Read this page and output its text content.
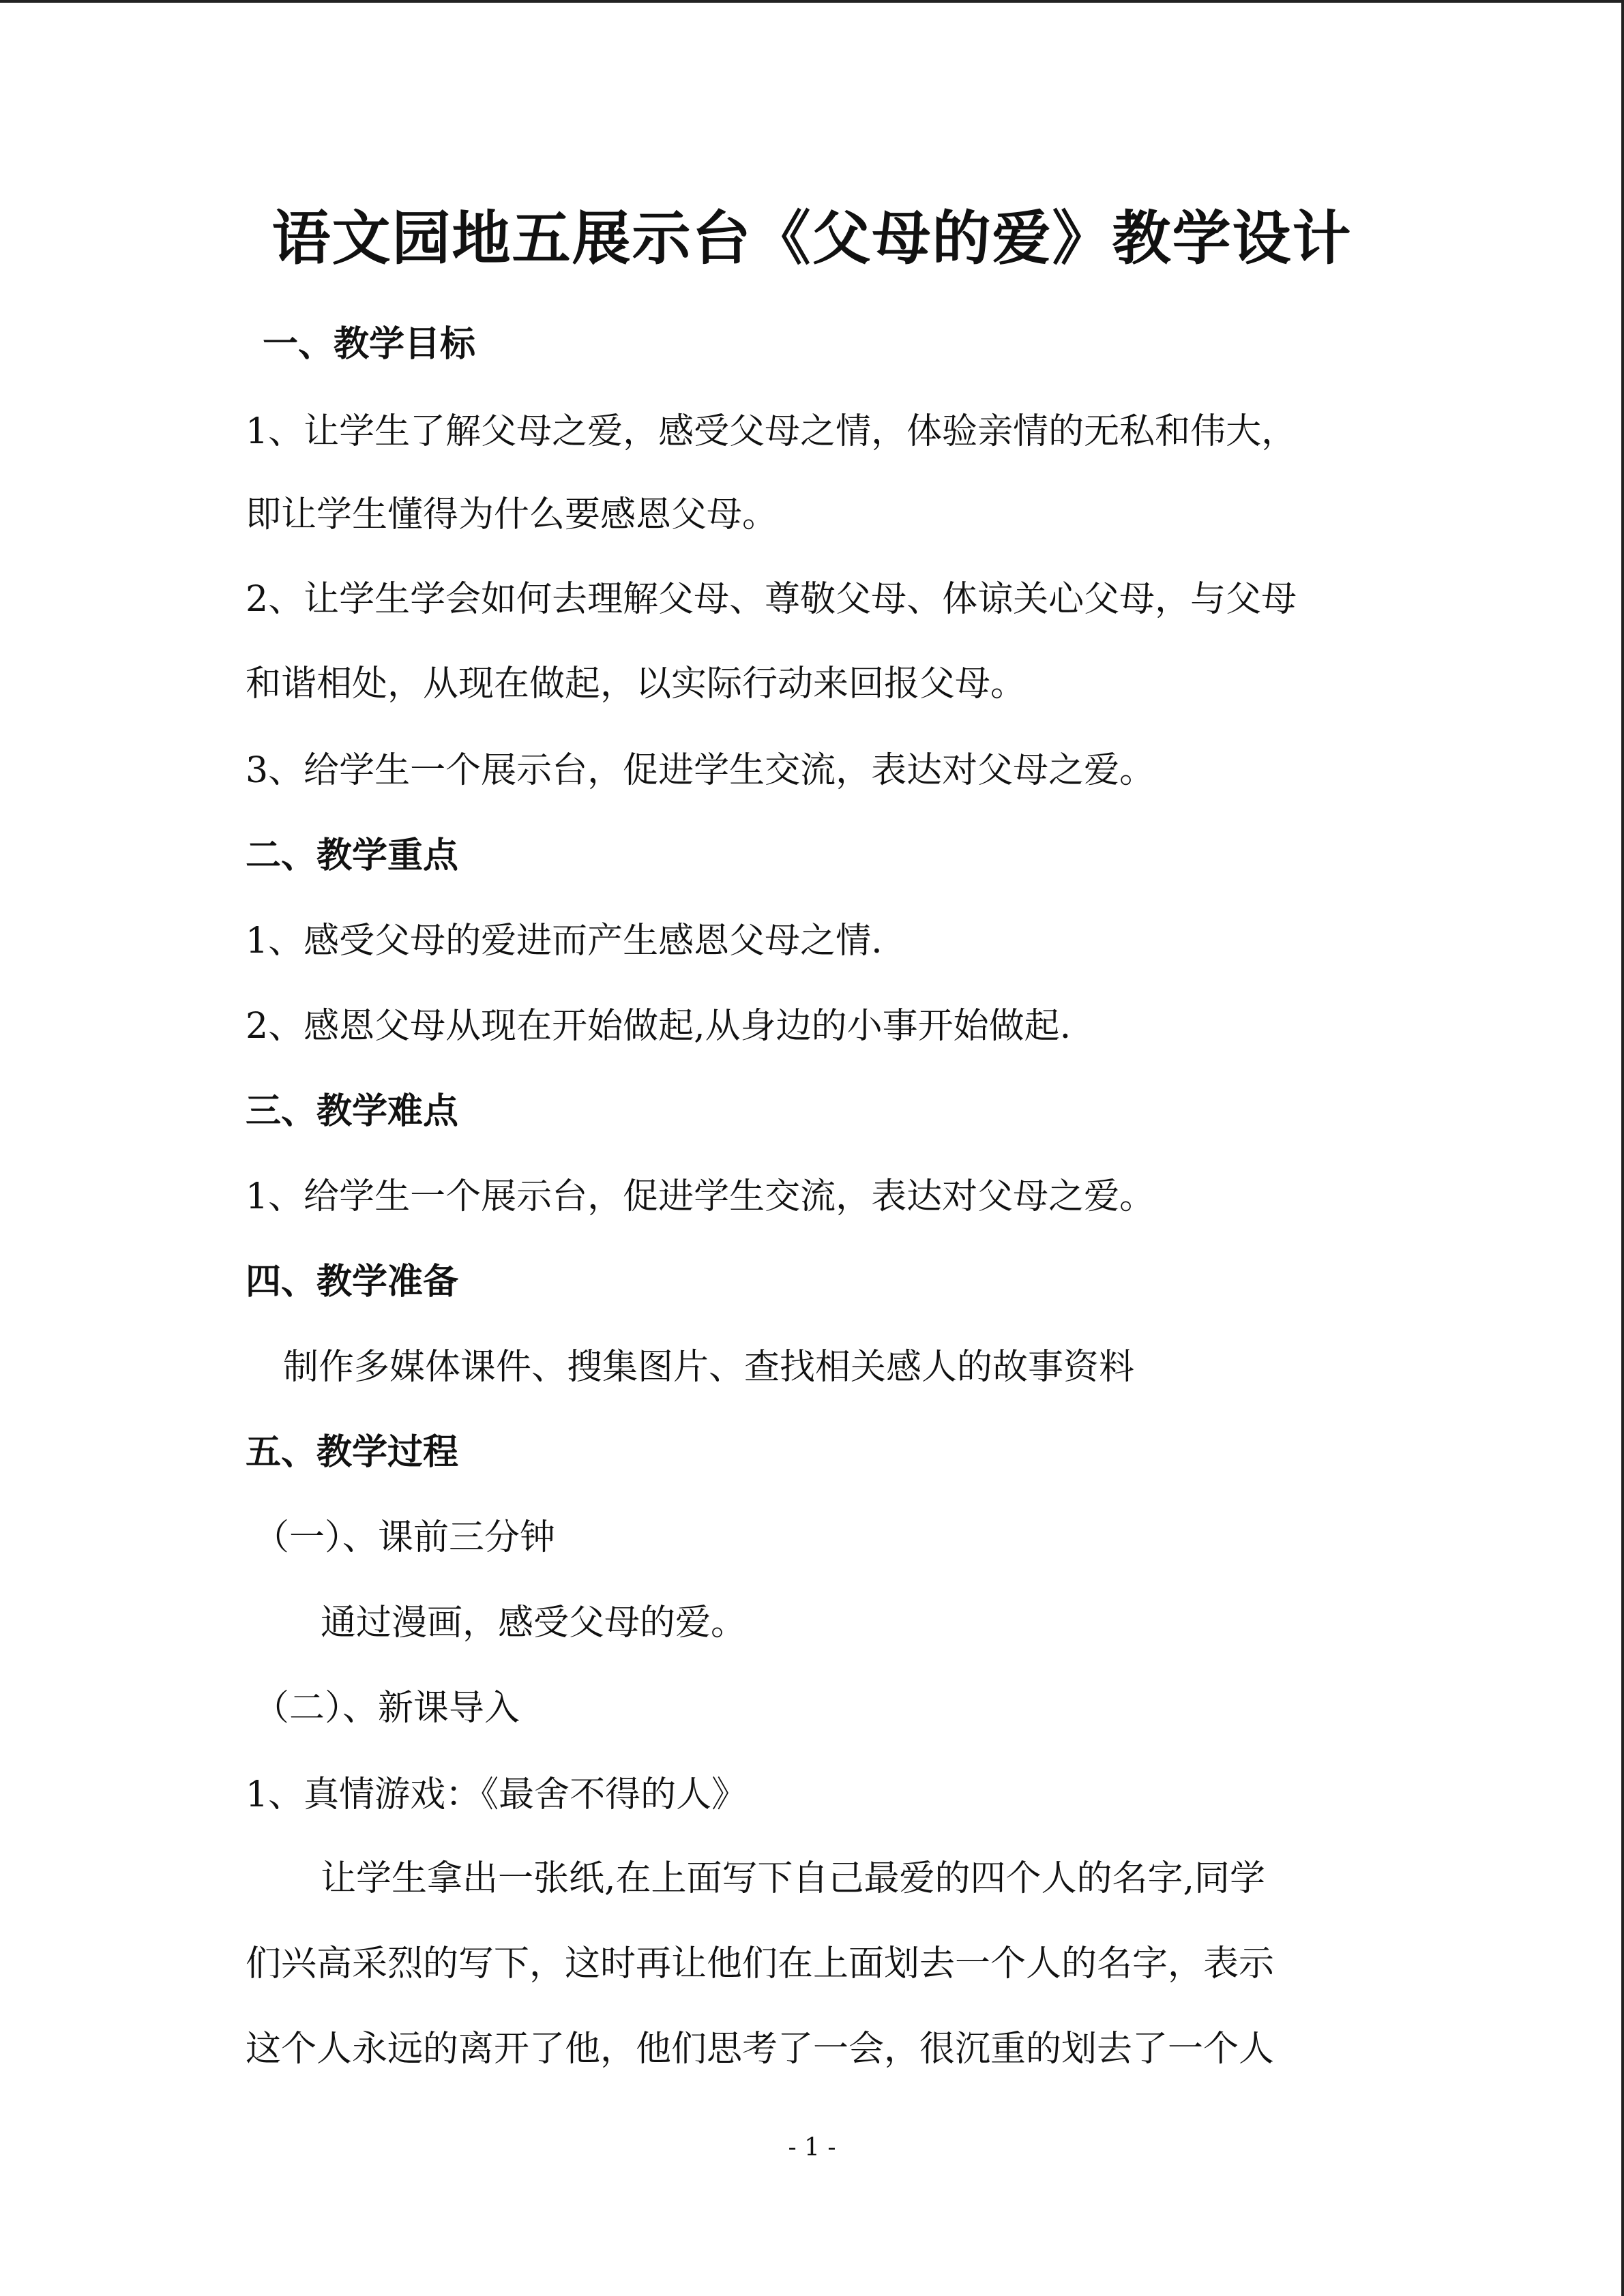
语文园地五展示台《父母的爱》教学设计
一、教学目标
1、让学生了解父母之爱，感受父母之情，体验亲情的无私和伟大，
即让学生懂得为什么要感恩父母。
2、让学生学会如何去理解父母、尊敬父母、体谅关心父母，与父母
和谐相处，从现在做起，以实际行动来回报父母。
3、给学生一个展示台，促进学生交流，表达对父母之爱。
二、教学重点
1、感受父母的爱进而产生感恩父母之情.
2、感恩父母从现在开始做起,从身边的小事开始做起.
三、教学难点
1、给学生一个展示台，促进学生交流，表达对父母之爱。
四、教学准备
制作多媒体课件、搜集图片、查找相关感人的故事资料
五、教学过程
（一）、课前三分钟
通过漫画，感受父母的爱。
（二）、新课导入
1、真情游戏：《最舍不得的人》
让学生拿出一张纸,在上面写下自己最爱的四个人的名字,同学
们兴高采烈的写下，这时再让他们在上面划去一个人的名字，表示
这个人永远的离开了他，他们思考了一会，很沉重的划去了一个人
- 1 -
